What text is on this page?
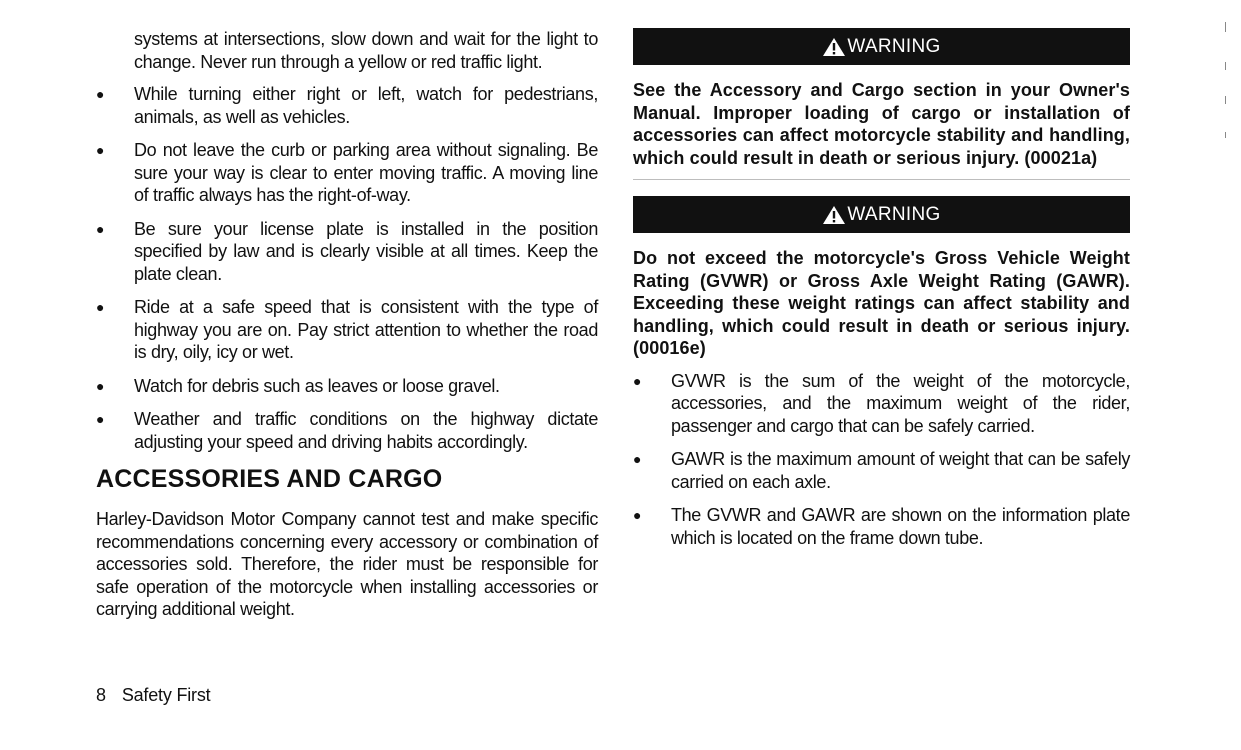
systems at intersections, slow down and wait for the light to change. Never run through a yellow or red traffic light.

● While turning either right or left, watch for pedestrians, animals, as well as vehicles.
● Do not leave the curb or parking area without signaling. Be sure your way is clear to enter moving traffic. A moving line of traffic always has the right-of-way.
● Be sure your license plate is installed in the position specified by law and is clearly visible at all times. Keep the plate clean.
● Ride at a safe speed that is consistent with the type of highway you are on. Pay strict attention to whether the road is dry, oily, icy or wet.
● Watch for debris such as leaves or loose gravel.
● Weather and traffic conditions on the highway dictate adjusting your speed and driving habits accordingly.
ACCESSORIES AND CARGO

Harley-Davidson Motor Company cannot test and make specific recommendations concerning every accessory or combination of accessories sold. Therefore, the rider must be responsible for safe operation of the motorcycle when installing accessories or carrying additional weight.

WARNING

See the Accessory and Cargo section in your Owner's Manual. Improper loading of cargo or installation of accessories can affect motorcycle stability and handling, which could result in death or serious injury. (00021a)

WARNING

Do not exceed the motorcycle's Gross Vehicle Weight Rating (GVWR) or Gross Axle Weight Rating (GAWR). Exceeding these weight ratings can affect stability and handling, which could result in death or serious injury. (00016e)

● GVWR is the sum of the weight of the motorcycle, accessories, and the maximum weight of the rider, passenger and cargo that can be safely carried.
● GAWR is the maximum amount of weight that can be safely carried on each axle.
● The GVWR and GAWR are shown on the information plate which is located on the frame down tube.
8 Safety First
